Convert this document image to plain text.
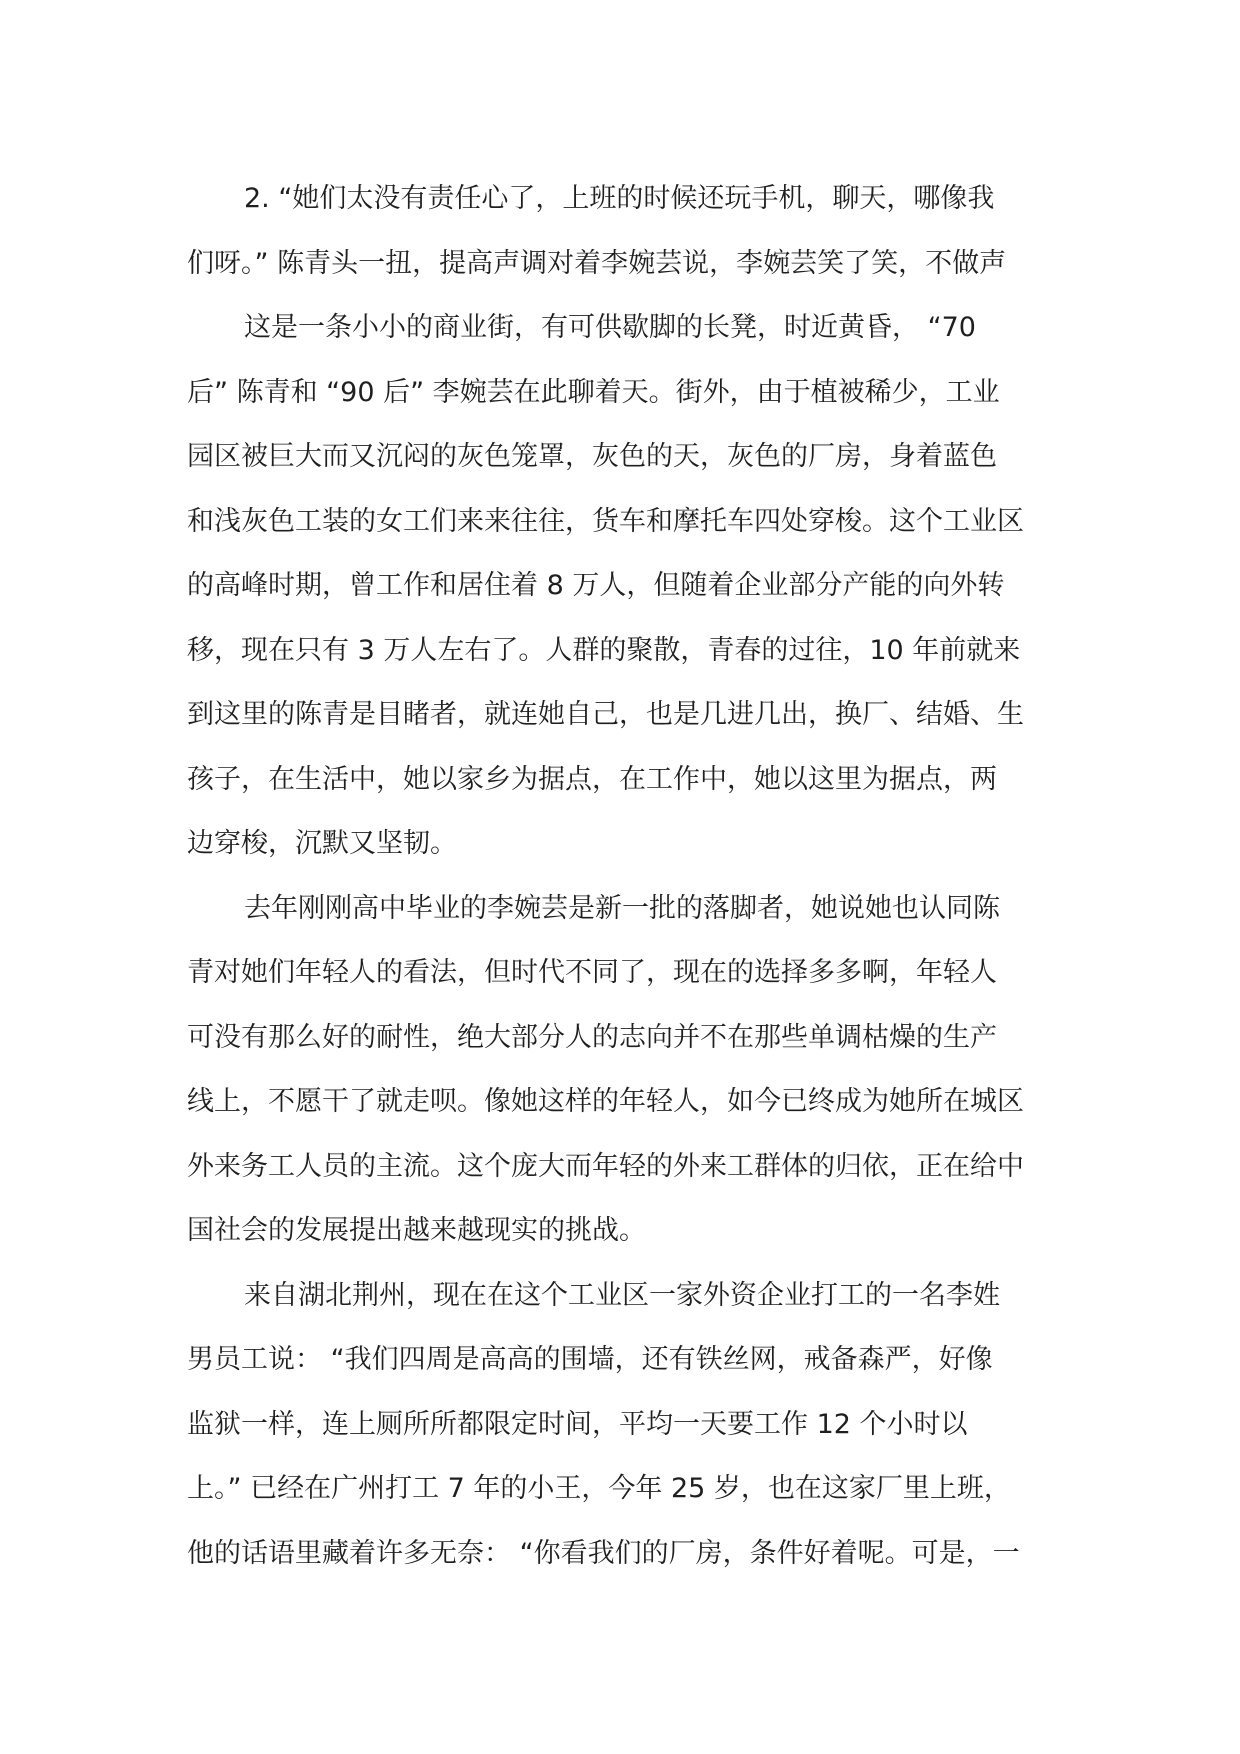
2. “她们太没有责任心了，上班的时候还玩手机，聊天，哪像我
们呀。” 陈青头一扭，提高声调对着李婉芸说，李婉芸笑了笑，不做声
这是一条小小的商业街，有可供歇脚的长凳，时近黄昏， “70
后” 陈青和 “90 后” 李婉芸在此聊着天。街外，由于植被稀少，工业
园区被巨大而又沉闷的灰色笼罩，灰色的天，灰色的厂房，身着蓝色
和浅灰色工装的女工们来来往往，货车和摩托车四处穿梭。这个工业区
的高峰时期，曾工作和居住着 8 万人，但随着企业部分产能的向外转
移，现在只有 3 万人左右了。人群的聚散，青春的过往，10 年前就来
到这里的陈青是目睹者，就连她自己，也是几进几出，换厂、结婚、生
孩子，在生活中，她以家乡为据点，在工作中，她以这里为据点，两
边穿梭，沉默又坚韧。
去年刚刚高中毕业的李婉芸是新一批的落脚者，她说她也认同陈
青对她们年轻人的看法，但时代不同了，现在的选择多多啊，年轻人
可没有那么好的耐性，绝大部分人的志向并不在那些单调枯燥的生产
线上，不愿干了就走呗。像她这样的年轻人，如今已终成为她所在城区
外来务工人员的主流。这个庞大而年轻的外来工群体的归依，正在给中
国社会的发展提出越来越现实的挑战。
来自湖北荆州，现在在这个工业区一家外资企业打工的一名李姓
男员工说： “我们四周是高高的围墙，还有铁丝网，戒备森严，好像
监狱一样，连上厕所所都限定时间，平均一天要工作 12 个小时以
上。” 已经在广州打工 7 年的小王，今年 25 岁，也在这家厂里上班，
他的话语里藏着许多无奈： “你看我们的厂房，条件好着呢。可是，一
